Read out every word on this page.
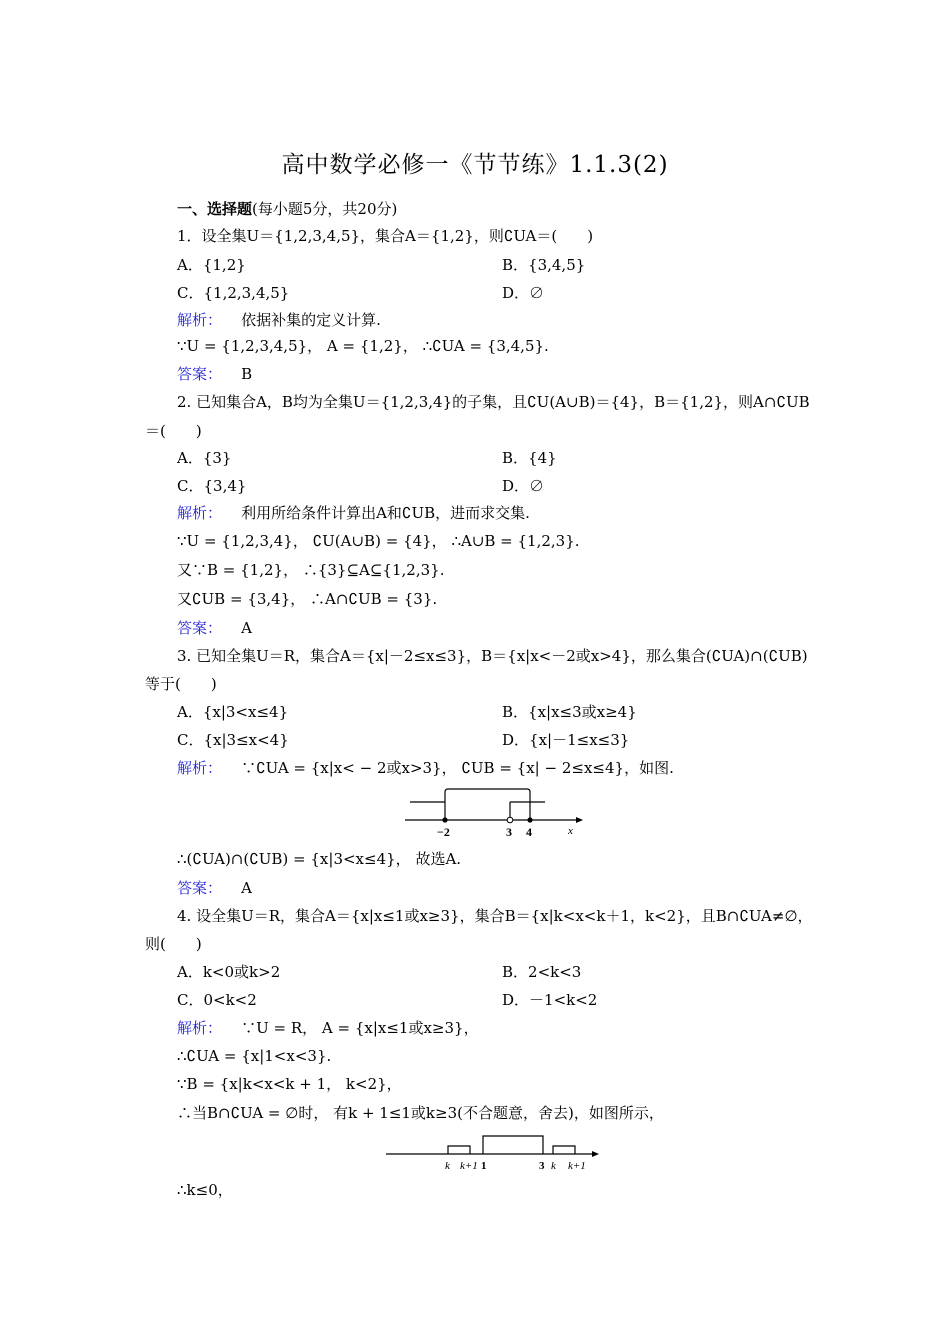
高中数学必修一《节节练》1.1.3(2)
一、选择题(每小题5分，共20分)
1．设全集U＝{1,2,3,4,5}，集合A＝{1,2}，则∁UA＝(　　)
A．{1,2}	B．{3,4,5}
C．{1,2,3,4,5}	D．∅
解析： 依据补集的定义计算.
∵U = {1,2,3,4,5}， A = {1,2}， ∴∁UA = {3,4,5}.
答案： B
2. 已知集合A，B均为全集U＝{1,2,3,4}的子集，且∁U(A∪B)＝{4}，B＝{1,2}，则A∩∁UB
＝(　　)
A．{3}	B．{4}
C．{3,4}	D．∅
解析： 利用所给条件计算出A和∁UB，进而求交集.
∵U = {1,2,3,4}， ∁U(A∪B) = {4}， ∴A∪B = {1,2,3}.
又∵B = {1,2}， ∴{3}⊆A⊆{1,2,3}.
又∁UB = {3,4}， ∴A∩∁UB = {3}.
答案： A
3. 已知全集U＝R，集合A＝{x|－2≤x≤3}，B＝{x|x<－2或x>4}，那么集合(∁UA)∩(∁UB)
等于(　　)
A．{x|3<x≤4}	B．{x|x≤3或x≥4}
C．{x|3≤x<4}	D．{x|－1≤x≤3}
解析： ∵∁UA = {x|x< − 2或x>3}， ∁UB = {x| − 2≤x≤4}，如图.
−2	3 4	x
∴(∁UA)∩(∁UB) = {x|3<x≤4}， 故选A.
答案： A
4. 设全集U＝R，集合A＝{x|x≤1或x≥3}，集合B＝{x|k<x<k＋1，k<2}，且B∩∁UA≠∅，
则(　　)
A．k<0或k>2	B．2<k<3
C．0<k<2	D．－1<k<2
解析： ∵U = R， A = {x|x≤1或x≥3}，
∴∁UA = {x|1<x<3}.
∵B = {x|k<x<k + 1， k<2}，
∴当B∩∁UA = ∅时， 有k + 1≤1或k≥3(不合题意，舍去)，如图所示，
k k+1 1	3 k k+1
∴k≤0，
